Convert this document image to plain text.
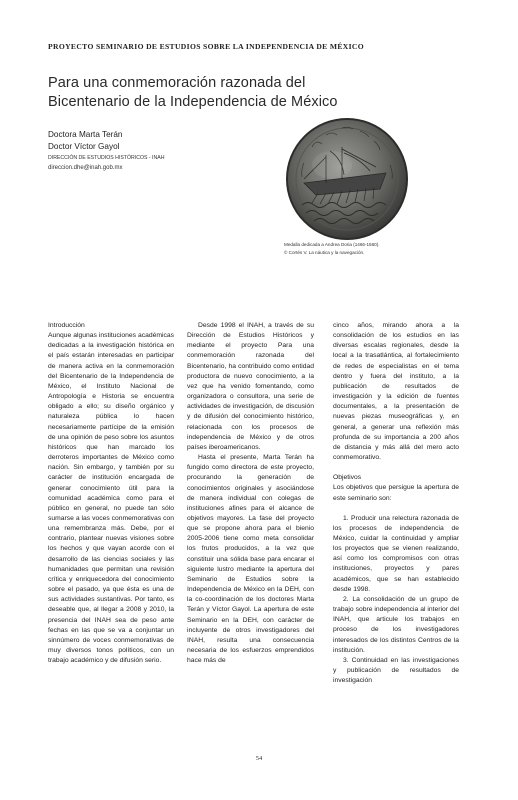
PROYECTO SEMINARIO DE ESTUDIOS SOBRE LA INDEPENDENCIA DE MÉXICO
Para una conmemoración razonada del Bicentenario de la Independencia de México
Doctora Marta Terán
Doctor Víctor Gayol
DIRECCIÓN DE ESTUDIOS HISTÓRICOS - INAH
direccion.dhe@inah.gob.mx
Medalla dedicada a Andrea Doria (1466-1560).
© Cortés V. La náutica y la navegación.

Introducción

Aunque algunas instituciones académicas dedicadas a la investigación histórica en el país estarán interesadas en participar de manera activa en la conmemoración del Bicentenario de la Independencia de México, el Instituto Nacional de Antropología e Historia se encuentra obligado a ello; su diseño orgánico y naturaleza pública lo hacen necesariamente partícipe de la emisión de una opinión de peso sobre los asuntos históricos que han marcado los derroteros importantes de México como nación. Sin embargo, y también por su carácter de institución encargada de generar conocimiento útil para la comunidad académica como para el público en general, no puede tan sólo sumarse a las voces conmemorativas con una remembranza más. Debe, por el contrario, plantear nuevas visiones sobre los hechos y que vayan acorde con el desarrollo de las ciencias sociales y las humanidades que permitan una revisión crítica y enriquecedora del conocimiento sobre el pasado, ya que ésta es una de sus actividades sustantivas. Por tanto, es deseable que, al llegar a 2008 y 2010, la presencia del INAH sea de peso ante fechas en las que se va a conjuntar un sinnúmero de voces conmemorativas de muy diversos tonos políticos, con un trabajo académico y de difusión serio.

Desde 1998 el INAH, a través de su Dirección de Estudios Históricos y mediante el proyecto Para una conmemoración razonada del Bicentenario, ha contribuido como entidad productora de nuevo conocimiento, a la vez que ha venido fomentando, como organizadora o consultora, una serie de actividades de investigación, de discusión y de difusión del conocimiento histórico, relacionada con los procesos de independencia de México y de otros países iberoamericanos.

Hasta el presente, Marta Terán ha fungido como directora de este proyecto, procurando la generación de conocimientos originales y asociándose de manera individual con colegas de instituciones afines para el alcance de objetivos mayores. La fase del proyecto que se propone ahora para el bienio 2005-2006 tiene como meta consolidar los frutos producidos, a la vez que constituir una sólida base para encarar el siguiente lustro mediante la apertura del Seminario de Estudios sobre la Independencia de México en la DEH, con la co-coordinación de los doctores Marta Terán y Víctor Gayol. La apertura de este Seminario en la DEH, con carácter de incluyente de otros investigadores del INAH, resulta una consecuencia necesaria de los esfuerzos emprendidos hace más de

cinco años, mirando ahora a la consolidación de los estudios en las diversas escalas regionales, desde la local a la trasatlántica, al fortalecimiento de redes de especialistas en el tema dentro y fuera del instituto, a la publicación de resultados de investigación y la edición de fuentes documentales, a la presentación de nuevas piezas museográficas y, en general, a generar una reflexión más profunda de su importancia a 200 años de distancia y más allá del mero acto conmemorativo.

Objetivos

Los objetivos que persigue la apertura de este seminario son:

1. Producir una relectura razonada de los procesos de independencia de México, cuidar la continuidad y ampliar los proyectos que se vienen realizando, así como los compromisos con otras instituciones, proyectos y pares académicos, que se han establecido desde 1998.

2. La consolidación de un grupo de trabajo sobre independencia al interior del INAH, que articule los trabajos en proceso de los investigadores interesados de los distintos Centros de la institución.

3. Continuidad en las investigaciones y publicación de resultados de investigación

54
